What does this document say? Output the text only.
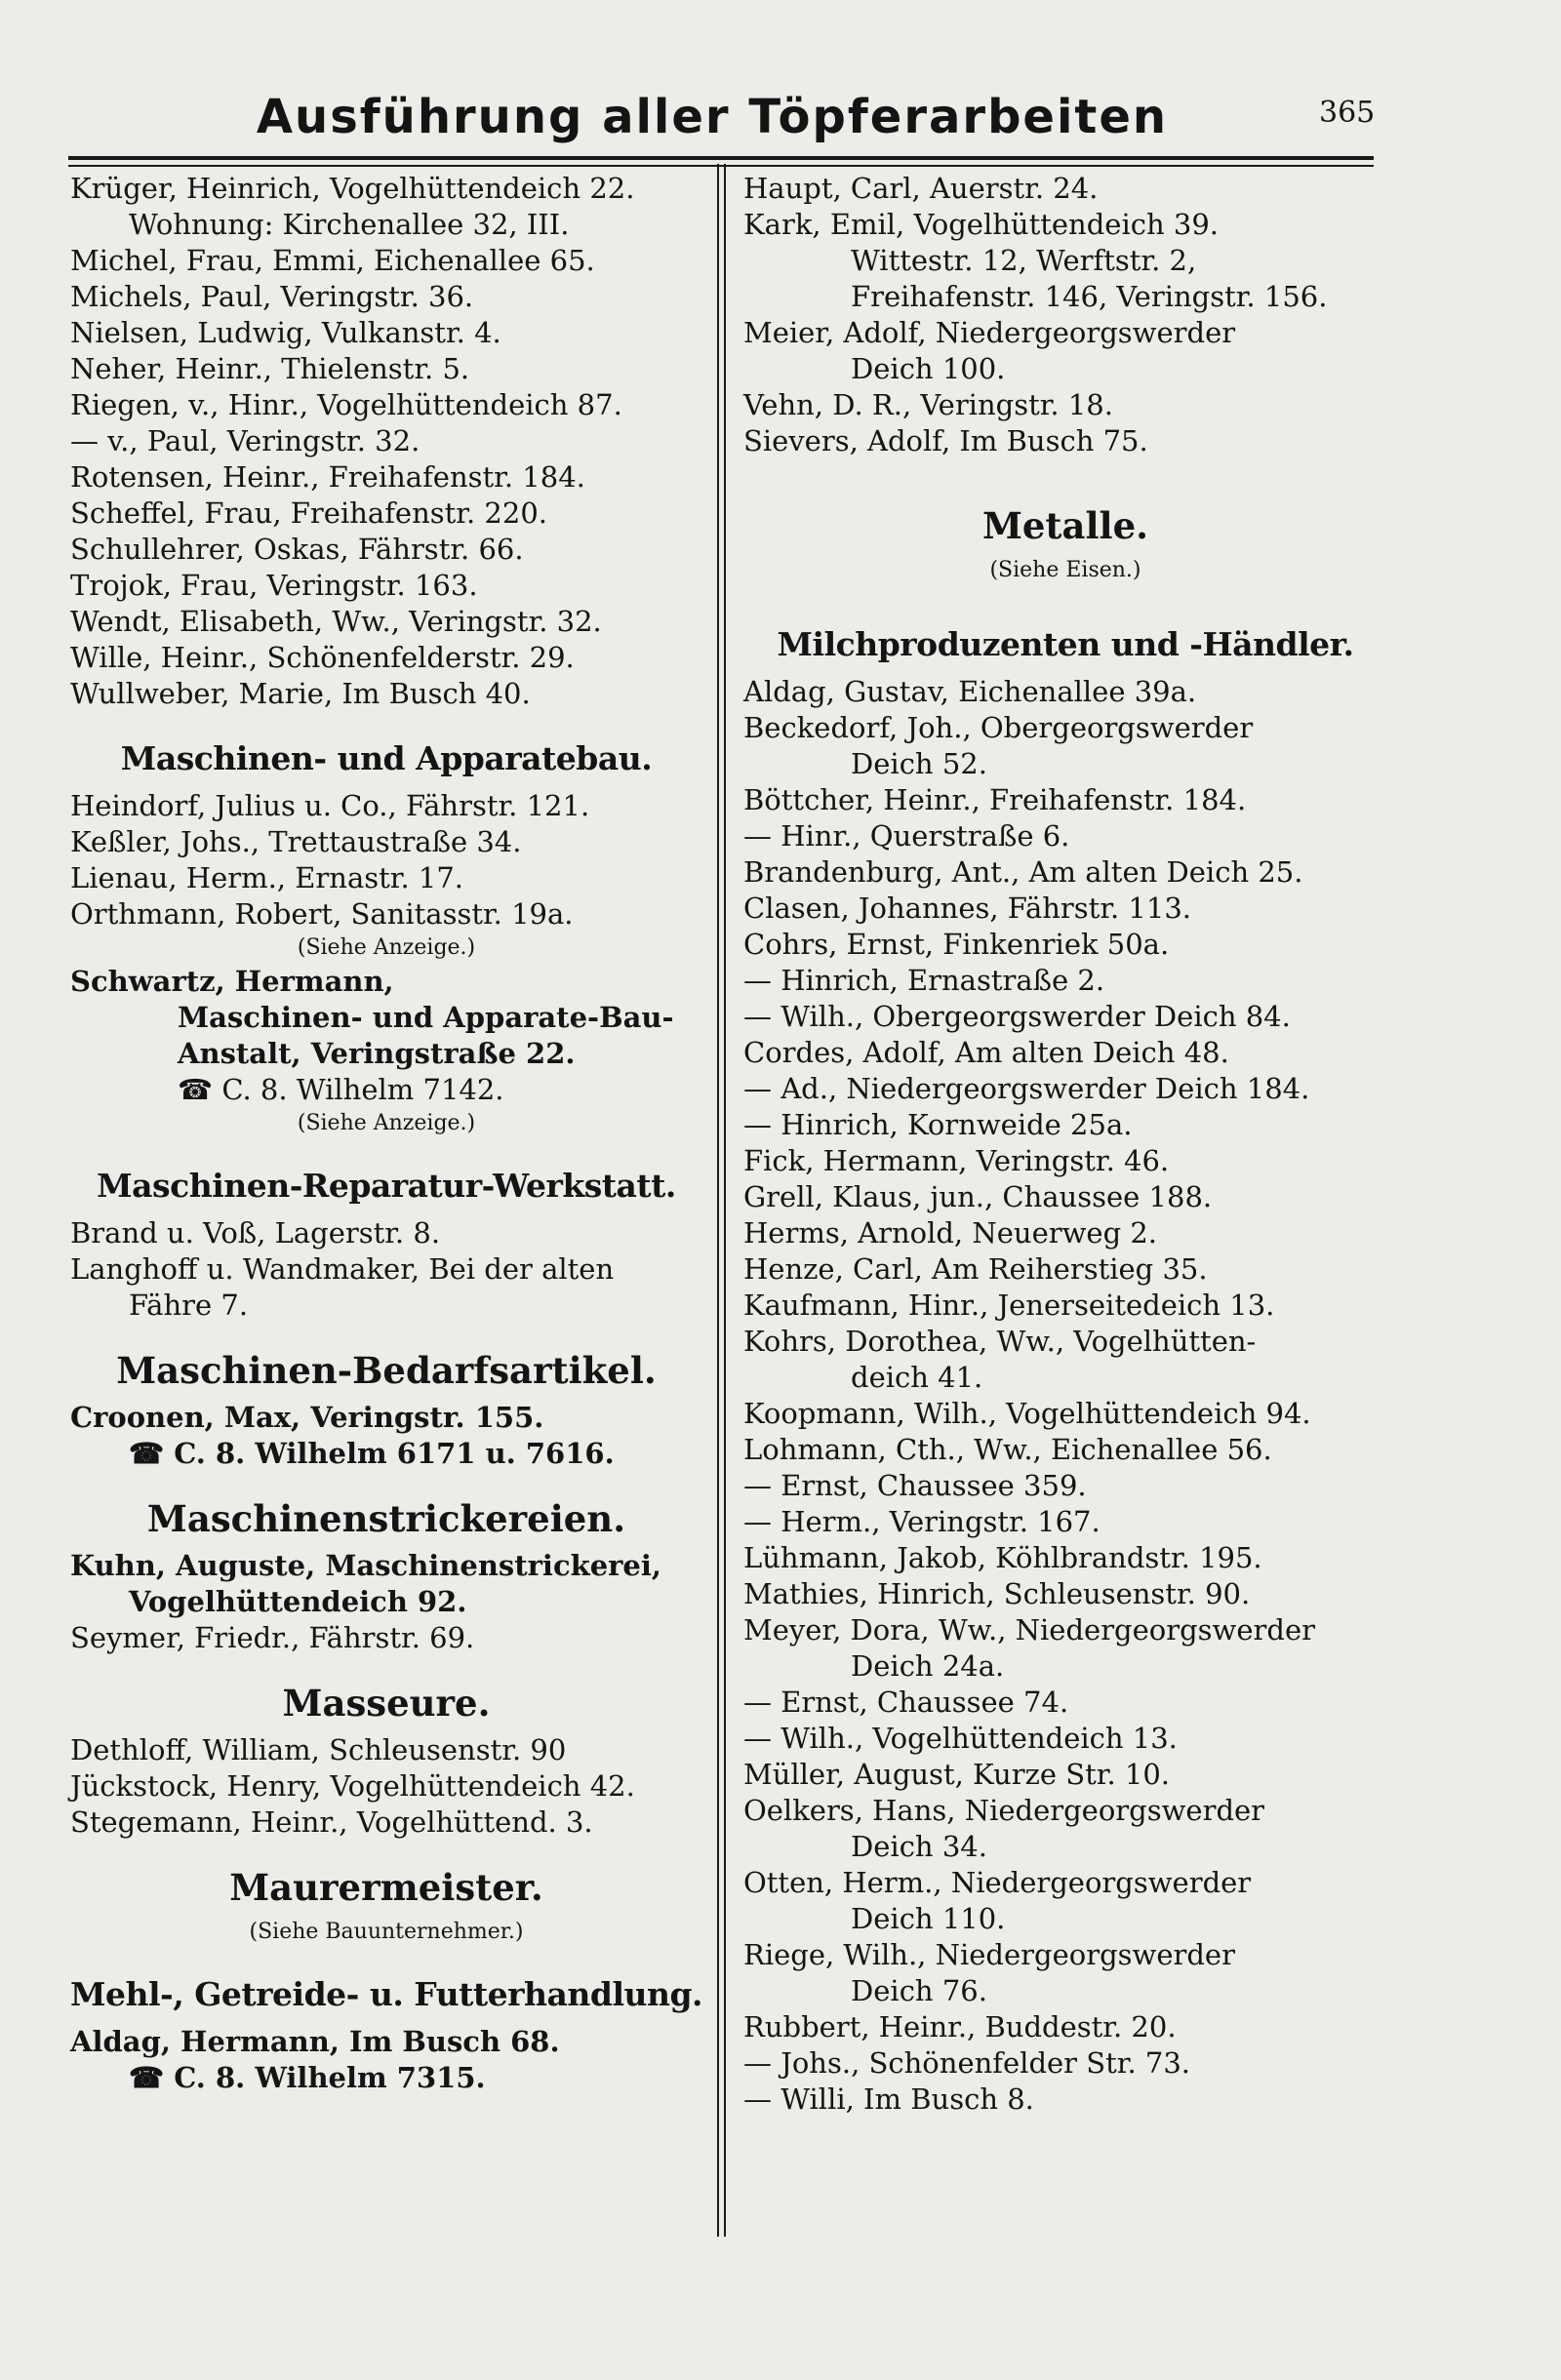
Ausführung aller Töpferarbeiten	365
Krüger, Heinrich, Vogelhüttendeich 22.
Wohnung: Kirchenallee 32, III.
Michel, Frau, Emmi, Eichenallee 65.
Michels, Paul, Veringstr. 36.
Nielsen, Ludwig, Vulkanstr. 4.
Neher, Heinr., Thielenstr. 5.
Riegen, v., Hinr., Vogelhüttendeich 87.
— v., Paul, Veringstr. 32.
Rotensen, Heinr., Freihafenstr. 184.
Scheffel, Frau, Freihafenstr. 220.
Schullehrer, Oskas, Fährstr. 66.
Trojok, Frau, Veringstr. 163.
Wendt, Elisabeth, Ww., Veringstr. 32.
Wille, Heinr., Schönenfelderstr. 29.
Wullweber, Marie, Im Busch 40.
Maschinen- und Apparatebau.
Heindorf, Julius u. Co., Fährstr. 121.
Keßler, Johs., Trettaustraße 34.
Lienau, Herm., Ernastr. 17.
Orthmann, Robert, Sanitasstr. 19a.
(Siehe Anzeige.)
Schwartz, Hermann,
Maschinen- und Apparate-Bau-
Anstalt, Veringstraße 22.
☎ C. 8. Wilhelm 7142.
(Siehe Anzeige.)
Maschinen-Reparatur-Werkstatt.
Brand u. Voß, Lagerstr. 8.
Langhoff u. Wandmaker, Bei der alten
Fähre 7.
Maschinen-Bedarfsartikel.
Croonen, Max, Veringstr. 155.
☎ C. 8. Wilhelm 6171 u. 7616.
Maschinenstrickereien.
Kuhn, Auguste, Maschinenstrickerei,
Vogelhüttendeich 92.
Seymer, Friedr., Fährstr. 69.
Masseure.
Dethloff, William, Schleusenstr. 90
Jückstock, Henry, Vogelhüttendeich 42.
Stegemann, Heinr., Vogelhüttend. 3.
Maurermeister.
(Siehe Bauunternehmer.)
Mehl-, Getreide- u. Futterhandlung.
Aldag, Hermann, Im Busch 68.
☎ C. 8. Wilhelm 7315.
Haupt, Carl, Auerstr. 24.
Kark, Emil, Vogelhüttendeich 39.
Wittestr. 12, Werftstr. 2,
Freihafenstr. 146, Veringstr. 156.
Meier, Adolf, Niedergeorgswerder
Deich 100.
Vehn, D. R., Veringstr. 18.
Sievers, Adolf, Im Busch 75.
Metalle.
(Siehe Eisen.)
Milchproduzenten und -Händler.
Aldag, Gustav, Eichenallee 39a.
Beckedorf, Joh., Obergeorgswerder
Deich 52.
Böttcher, Heinr., Freihafenstr. 184.
— Hinr., Querstraße 6.
Brandenburg, Ant., Am alten Deich 25.
Clasen, Johannes, Fährstr. 113.
Cohrs, Ernst, Finkenriek 50a.
— Hinrich, Ernastraße 2.
— Wilh., Obergeorgswerder Deich 84.
Cordes, Adolf, Am alten Deich 48.
— Ad., Niedergeorgswerder Deich 184.
— Hinrich, Kornweide 25a.
Fick, Hermann, Veringstr. 46.
Grell, Klaus, jun., Chaussee 188.
Herms, Arnold, Neuerweg 2.
Henze, Carl, Am Reiherstieg 35.
Kaufmann, Hinr., Jenerseitedeich 13.
Kohrs, Dorothea, Ww., Vogelhütten-
deich 41.
Koopmann, Wilh., Vogelhüttendeich 94.
Lohmann, Cth., Ww., Eichenallee 56.
— Ernst, Chaussee 359.
— Herm., Veringstr. 167.
Lühmann, Jakob, Köhlbrandstr. 195.
Mathies, Hinrich, Schleusenstr. 90.
Meyer, Dora, Ww., Niedergeorgswerder
Deich 24a.
— Ernst, Chaussee 74.
— Wilh., Vogelhüttendeich 13.
Müller, August, Kurze Str. 10.
Oelkers, Hans, Niedergeorgswerder
Deich 34.
Otten, Herm., Niedergeorgswerder
Deich 110.
Riege, Wilh., Niedergeorgswerder
Deich 76.
Rubbert, Heinr., Buddestr. 20.
— Johs., Schönenfelder Str. 73.
— Willi, Im Busch 8.
